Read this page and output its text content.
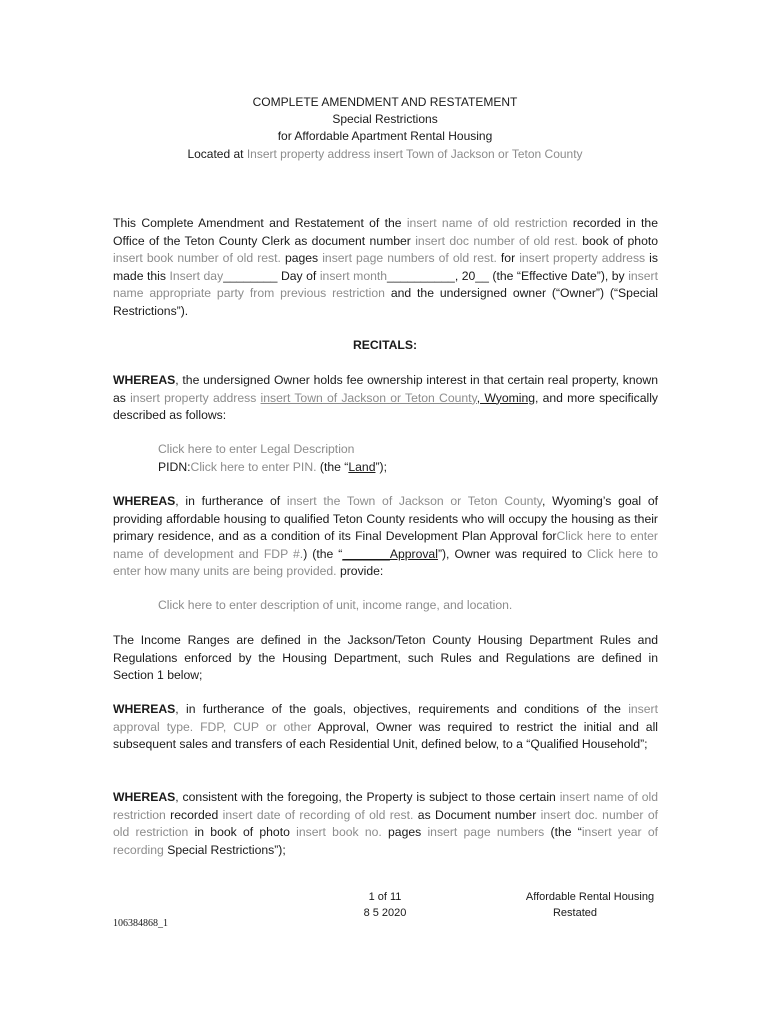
COMPLETE AMENDMENT AND RESTATEMENT
Special Restrictions
for Affordable Apartment Rental Housing
Located at Insert property address insert Town of Jackson or Teton County
This Complete Amendment and Restatement of the insert name of old restriction recorded in the Office of the Teton County Clerk as document number insert doc number of old rest. book of photo insert book number of old rest. pages insert page numbers of old rest. for insert property address is made this Insert day________ Day of insert month__________, 20__ (the “Effective Date”), by insert name appropriate party from previous restriction and the undersigned owner (“Owner”) (“Special Restrictions”).
RECITALS:
WHEREAS, the undersigned Owner holds fee ownership interest in that certain real property, known as insert property address insert Town of Jackson or Teton County, Wyoming, and more specifically described as follows:
Click here to enter Legal Description
PIDN:Click here to enter PIN. (the “Land”);
WHEREAS, in furtherance of insert the Town of Jackson or Teton County, Wyoming’s goal of providing affordable housing to qualified Teton County residents who will occupy the housing as their primary residence, and as a condition of its Final Development Plan Approval forClick here to enter name of development and FDP #.) (the “_______Approval”), Owner was required to Click here to enter how many units are being provided. provide:
Click here to enter description of unit, income range, and location.
The Income Ranges are defined in the Jackson/Teton County Housing Department Rules and Regulations enforced by the Housing Department, such Rules and Regulations are defined in Section 1 below;
WHEREAS, in furtherance of the goals, objectives, requirements and conditions of the insert approval type. FDP, CUP or other Approval, Owner was required to restrict the initial and all subsequent sales and transfers of each Residential Unit, defined below, to a “Qualified Household”;
WHEREAS, consistent with the foregoing, the Property is subject to those certain insert name of old restriction recorded insert date of recording of old rest. as Document number insert doc. number of old restriction in book of photo insert book no. pages insert page numbers (the “insert year of recording Special Restrictions”);
1 of 11
8 5 2020
Affordable Rental Housing
Restated
106384868_1
